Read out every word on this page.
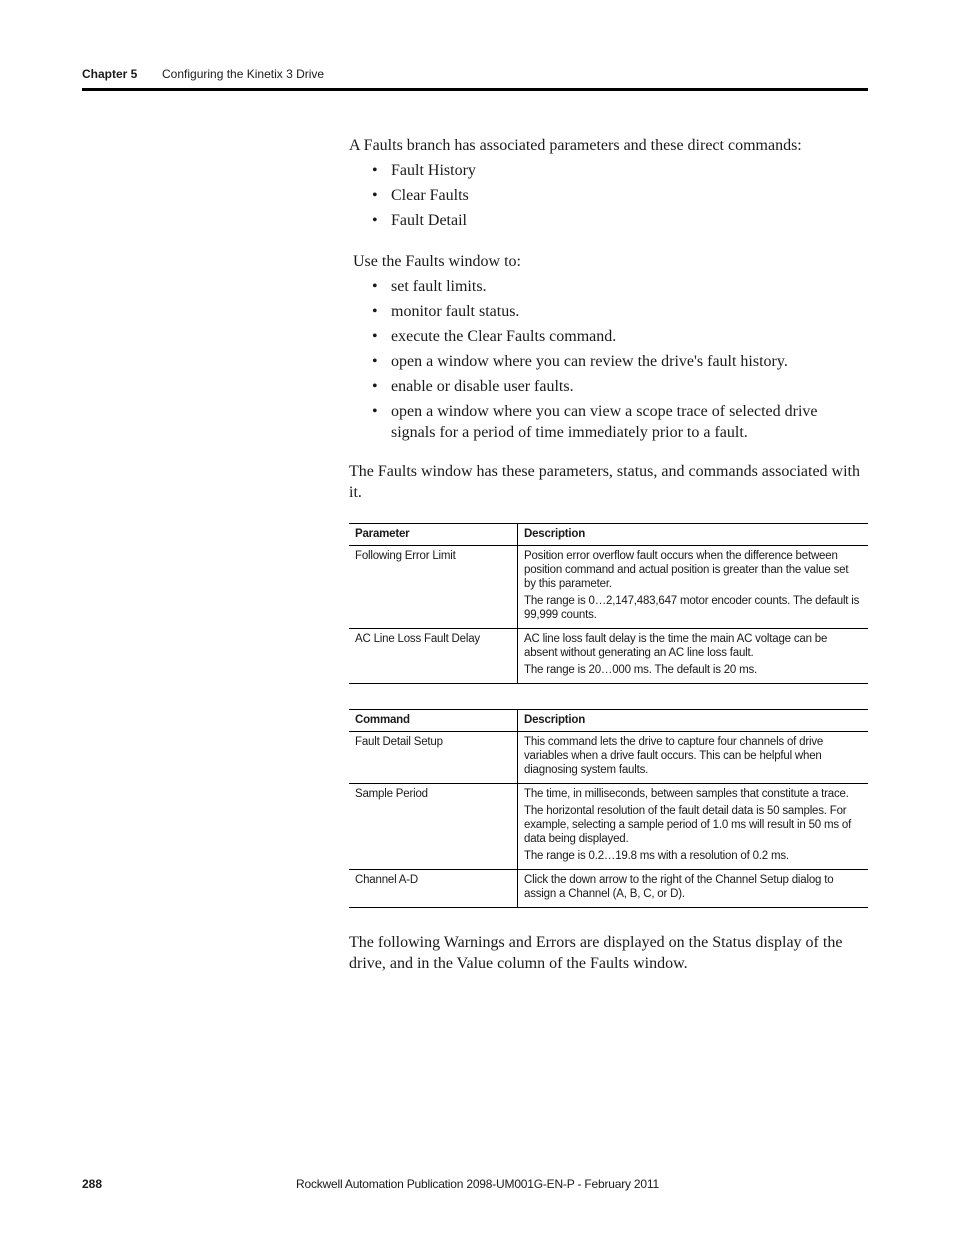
Chapter 5 Configuring the Kinetix 3 Drive

A Faults branch has associated parameters and these direct commands:

• Fault History
• Clear Faults
• Fault Detail

Use the Faults window to:

• set fault limits.
• monitor fault status.
• execute the Clear Faults command.
• open a window where you can review the drive's fault history.
• enable or disable user faults.
• open a window where you can view a scope trace of selected drive signals for a period of time immediately prior to a fault.

The Faults window has these parameters, status, and commands associated with it.

Parameter	Description
Following Error Limit	Position error overflow fault occurs when the difference between position command and actual position is greater than the value set by this parameter.
The range is 0…2,147,483,647 motor encoder counts. The default is 99,999 counts.

AC Line Loss Fault Delay	AC line loss fault delay is the time the main AC voltage can be absent without generating an AC line loss fault.
The range is 20…000 ms. The default is 20 ms.
Command	Description
Fault Detail Setup	This command lets the drive to capture four channels of drive variables when a drive fault occurs. This can be helpful when diagnosing system faults.

Sample Period	The time, in milliseconds, between samples that constitute a trace.
The horizontal resolution of the fault detail data is 50 samples. For example, selecting a sample period of 1.0 ms will result in 50 ms of data being displayed.
The range is 0.2…19.8 ms with a resolution of 0.2 ms.

Channel A-D	Click the down arrow to the right of the Channel Setup dialog to assign a Channel (A, B, C, or D).

The following Warnings and Errors are displayed on the Status display of the drive, and in the Value column of the Faults window.

288	Rockwell Automation Publication 2098-UM001G-EN-P - February 2011
